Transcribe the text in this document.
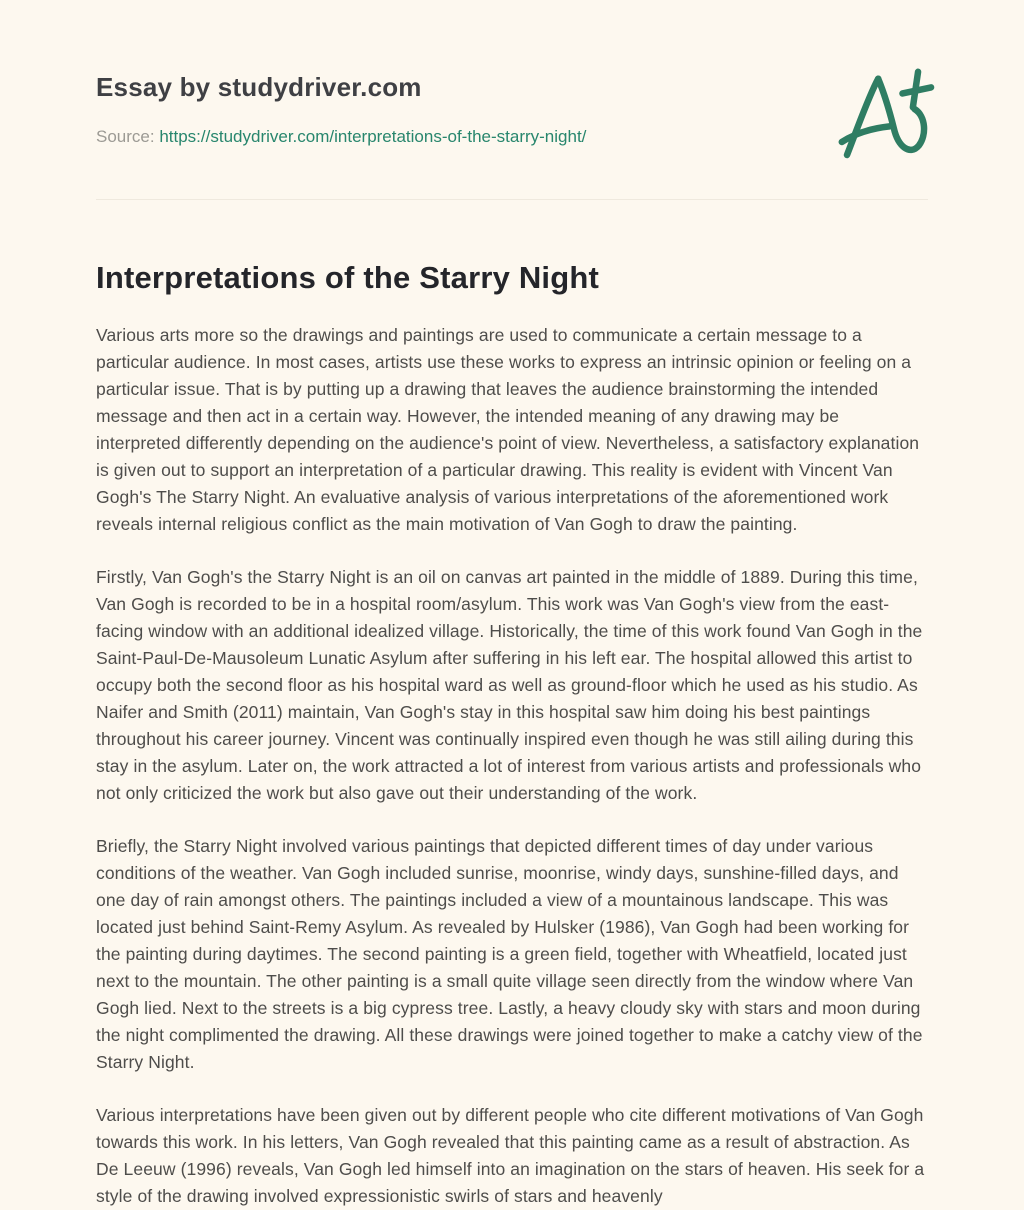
Essay by studydriver.com
Source: https://studydriver.com/interpretations-of-the-starry-night/
Interpretations of the Starry Night

Various arts more so the drawings and paintings are used to communicate a certain message to a particular audience. In most cases, artists use these works to express an intrinsic opinion or feeling on a particular issue. That is by putting up a drawing that leaves the audience brainstorming the intended message and then act in a certain way. However, the intended meaning of any drawing may be interpreted differently depending on the audience's point of view. Nevertheless, a satisfactory explanation is given out to support an interpretation of a particular drawing. This reality is evident with Vincent Van Gogh's The Starry Night. An evaluative analysis of various interpretations of the aforementioned work reveals internal religious conflict as the main motivation of Van Gogh to draw the painting.

Firstly, Van Gogh's the Starry Night is an oil on canvas art painted in the middle of 1889. During this time, Van Gogh is recorded to be in a hospital room/asylum. This work was Van Gogh's view from the east-facing window with an additional idealized village. Historically, the time of this work found Van Gogh in the Saint-Paul-De-Mausoleum Lunatic Asylum after suffering in his left ear. The hospital allowed this artist to occupy both the second floor as his hospital ward as well as ground-floor which he used as his studio. As Naifer and Smith (2011) maintain, Van Gogh's stay in this hospital saw him doing his best paintings throughout his career journey. Vincent was continually inspired even though he was still ailing during this stay in the asylum. Later on, the work attracted a lot of interest from various artists and professionals who not only criticized the work but also gave out their understanding of the work.

Briefly, the Starry Night involved various paintings that depicted different times of day under various conditions of the weather. Van Gogh included sunrise, moonrise, windy days, sunshine-filled days, and one day of rain amongst others. The paintings included a view of a mountainous landscape. This was located just behind Saint-Remy Asylum. As revealed by Hulsker (1986), Van Gogh had been working for the painting during daytimes. The second painting is a green field, together with Wheatfield, located just next to the mountain. The other painting is a small quite village seen directly from the window where Van Gogh lied. Next to the streets is a big cypress tree. Lastly, a heavy cloudy sky with stars and moon during the night complimented the drawing. All these drawings were joined together to make a catchy view of the Starry Night.

Various interpretations have been given out by different people who cite different motivations of Van Gogh towards this work. In his letters, Van Gogh revealed that this painting came as a result of abstraction. As De Leeuw (1996) reveals, Van Gogh led himself into an imagination on the stars of heaven. His seek for a style of the drawing involved expressionistic swirls of stars and heavenly
